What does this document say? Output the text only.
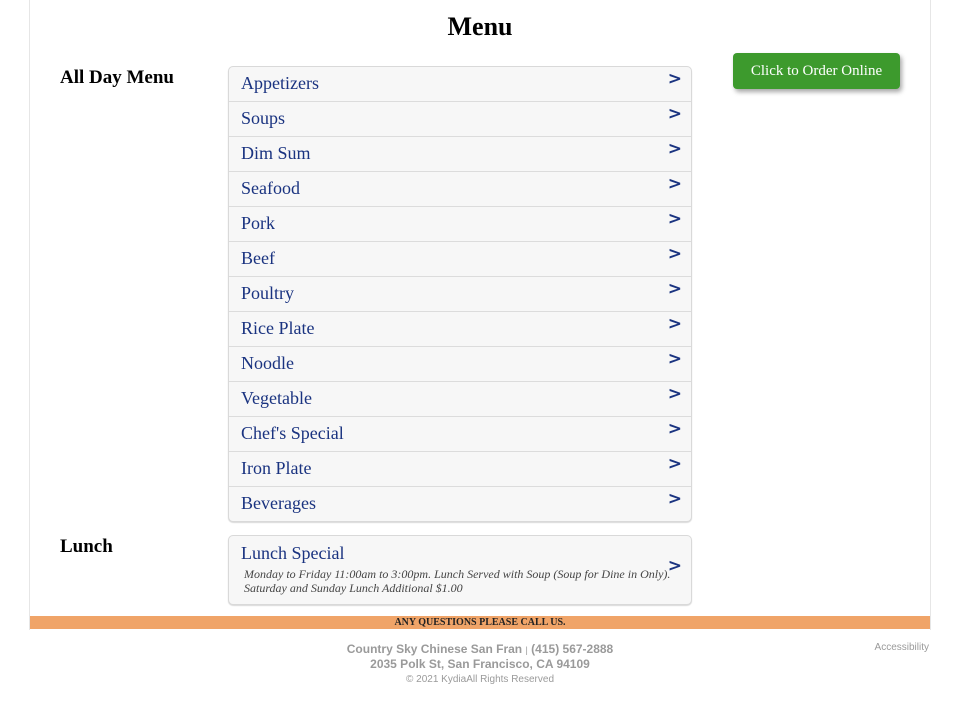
Menu
Click to Order Online
All Day Menu	Appetizers	>
Soups	>
Dim Sum	>
Seafood	>
Pork	>
Beef	>
Poultry	>
Rice Plate	>
Noodle	>
Vegetable	>
Chef's Special	>
Iron Plate	>
Beverages	>
Lunch	Lunch Special
Monday to Friday 11:00am to 3:00pm. Lunch Served with Soup (Soup for Dine in Only). Saturday and Sunday Lunch Additional $1.00
>
ANY QUESTIONS PLEASE CALL US.
Country Sky Chinese San Fran | (415) 567-2888
2035 Polk St, San Francisco, CA 94109
© 2021 KydiaAll Rights Reserved
Accessibility
